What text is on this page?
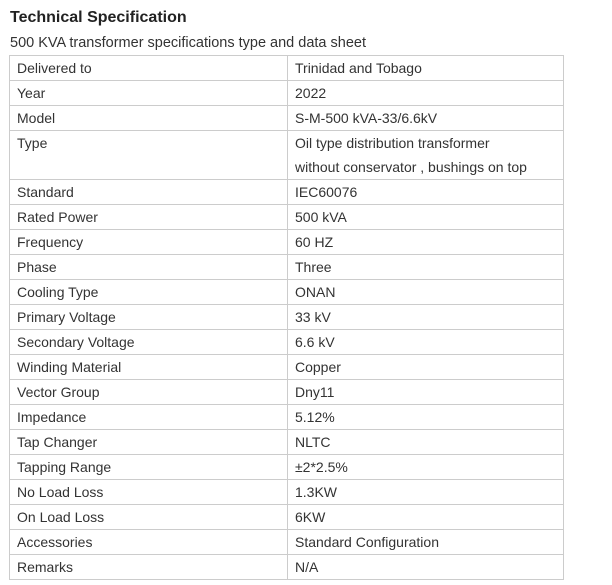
Technical Specification
500 KVA transformer specifications type and data sheet
Delivered to	Trinidad and Tobago

Year	2022

Model	S-M-500 kVA-33/6.6kV

Type	Oil type distribution transformer
without conservator , bushings on top

Standard	IEC60076

Rated Power	500 kVA

Frequency	60 HZ

Phase	Three

Cooling Type	ONAN

Primary Voltage	33 kV

Secondary Voltage	6.6 kV

Winding Material	Copper

Vector Group	Dny11

Impedance	5.12%

Tap Changer	NLTC

Tapping Range	±2*2.5%

No Load Loss	1.3KW

On Load Loss	6KW

Accessories	Standard Configuration

Remarks	N/A
